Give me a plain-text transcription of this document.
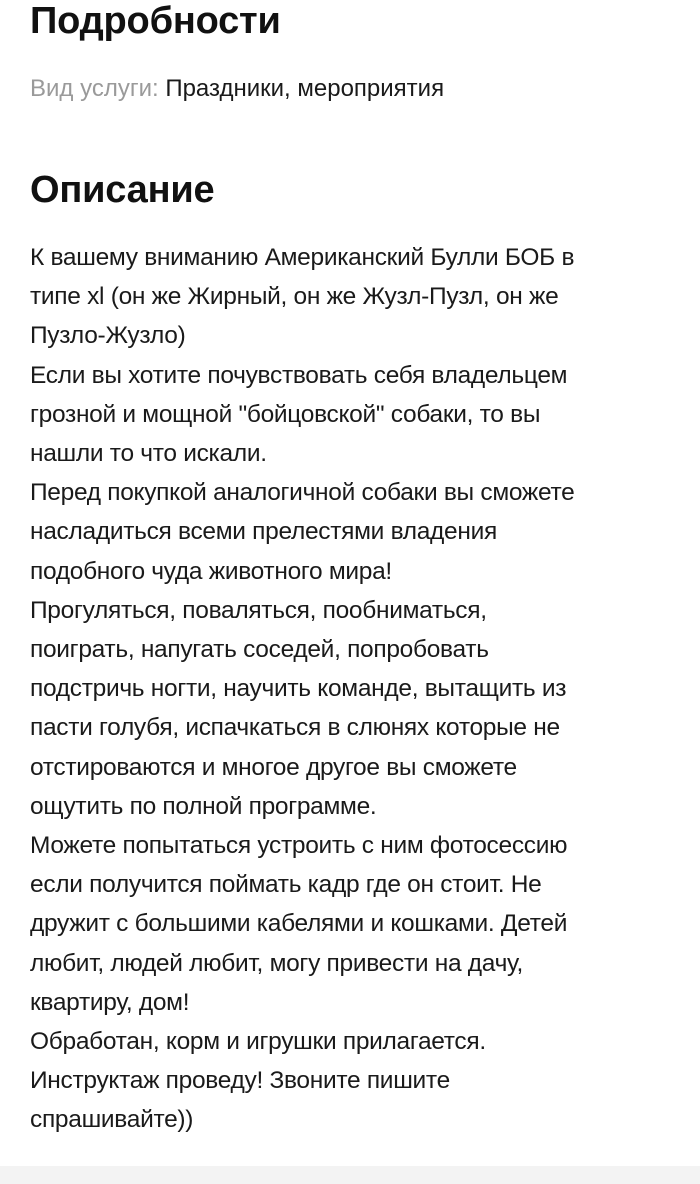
Подробности
Вид услуги: Праздники, мероприятия
Описание
К вашему вниманию Американский Булли БОБ в
типе xl (он же Жирный, он же Жузл-Пузл, он же
Пузло-Жузло)
Если вы хотите почувствовать себя владельцем
грозной и мощной "бойцовской" собаки, то вы
нашли то что искали.
Перед покупкой аналогичной собаки вы сможете
насладиться всеми прелестями владения
подобного чуда животного мира!
Прогуляться, поваляться, пообниматься,
поиграть, напугать соседей, попробовать
подстричь ногти, научить команде, вытащить из
пасти голубя, испачкаться в слюнях которые не
отстироваются и многое другое вы сможете
ощутить по полной программе.
Можете попытаться устроить с ним фотосессию
если получится поймать кадр где он стоит. Не
дружит с большими кабелями и кошками. Детей
любит, людей любит, могу привести на дачу,
квартиру, дом!
Обработан, корм и игрушки прилагается.
Инструктаж проведу! Звоните пишите
спрашивайте))
